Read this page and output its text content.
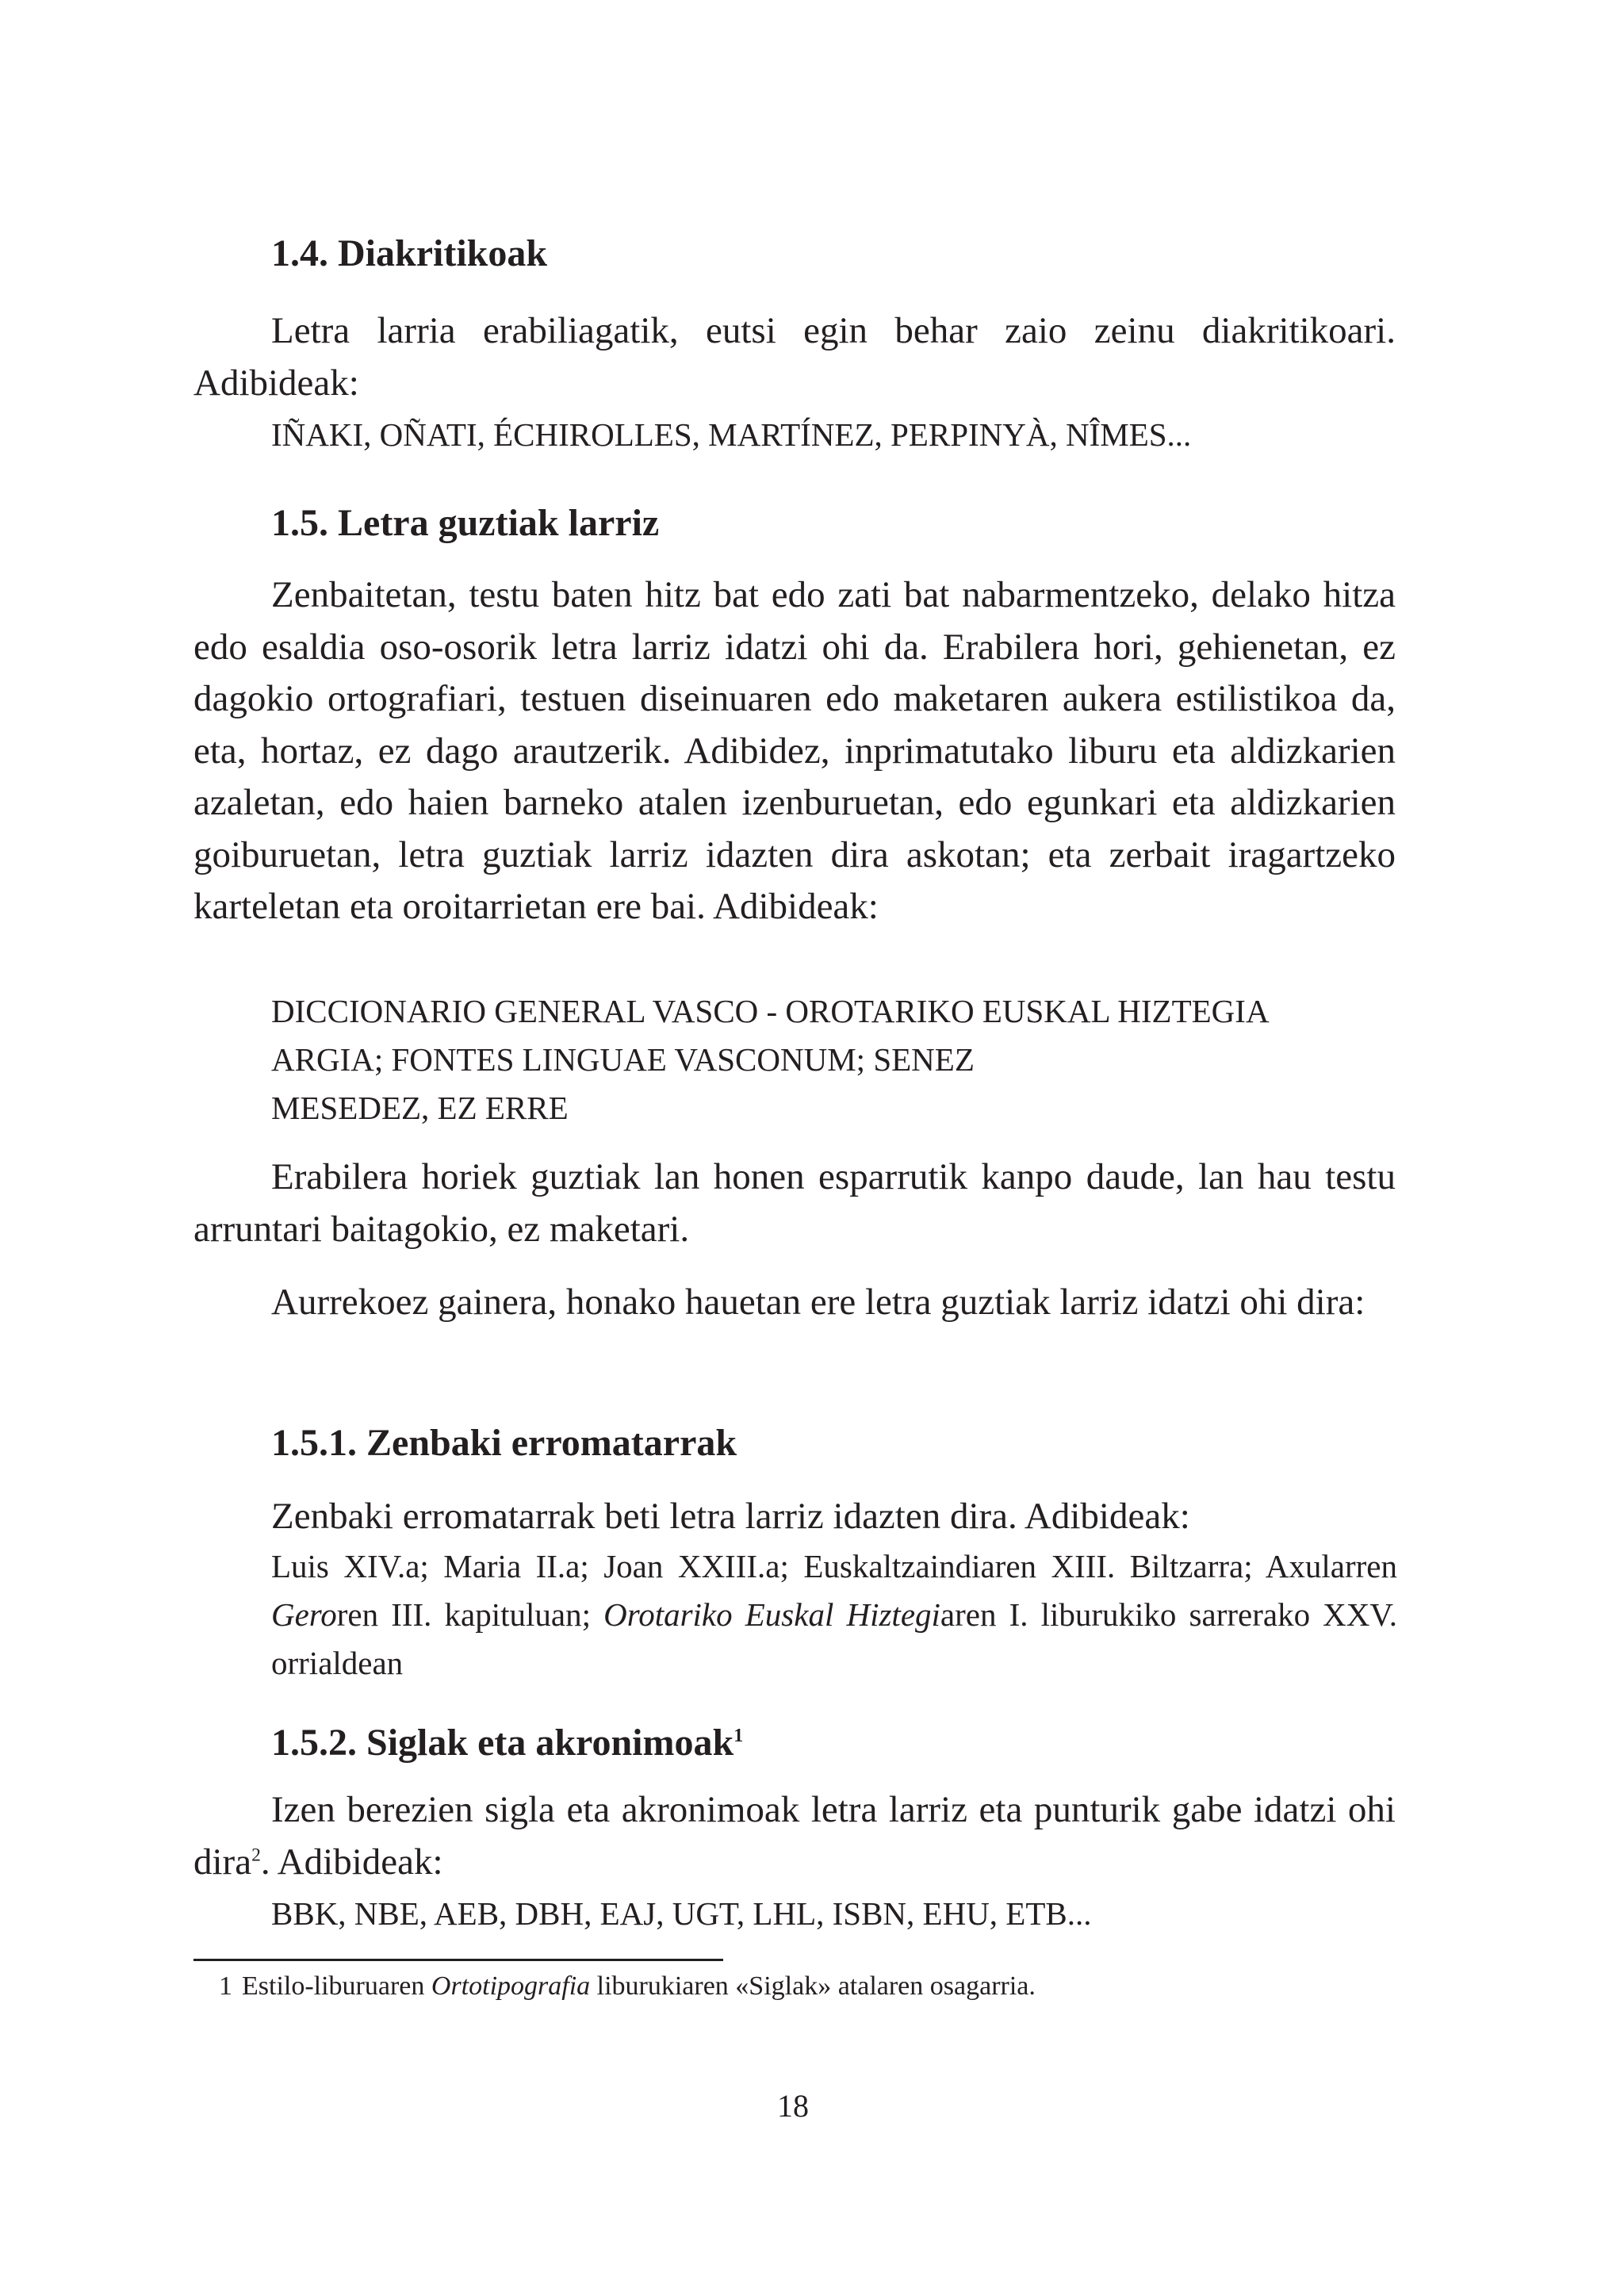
1.4. Diakritikoak

Letra larria erabiliagatik, eutsi egin behar zaio zeinu diakritikoari. Adibideak:

IÑAKI, OÑATI, ÉCHIROLLES, MARTÍNEZ, PERPINYÀ, NÎMES...

1.5. Letra guztiak larriz

Zenbaitetan, testu baten hitz bat edo zati bat nabarmentzeko, delako hitza edo esaldia oso-osorik letra larriz idatzi ohi da. Erabilera hori, gehienetan, ez dagokio ortografiari, testuen diseinuaren edo maketaren aukera estilistikoa da, eta, hortaz, ez dago arautzerik. Adibidez, inprimatutako liburu eta aldizkarien azaletan, edo haien barneko atalen izenburuetan, edo egunkari eta aldizkarien goiburuetan, letra guztiak larriz idazten dira askotan; eta zerbait iragartzeko karteletan eta oroitarrietan ere bai. Adibideak:

DICCIONARIO GENERAL VASCO - OROTARIKO EUSKAL HIZTEGIA

ARGIA; FONTES LINGUAE VASCONUM; SENEZ

MESEDEZ, EZ ERRE

Erabilera horiek guztiak lan honen esparrutik kanpo daude, lan hau testu arruntari baitagokio, ez maketari.

Aurrekoez gainera, honako hauetan ere letra guztiak larriz idatzi ohi dira:

1.5.1. Zenbaki erromatarrak

Zenbaki erromatarrak beti letra larriz idazten dira. Adibideak:

Luis XIV.a; Maria II.a; Joan XXIII.a; Euskaltzaindiaren XIII. Biltzarra; Axularren Geroren III. kapituluan; Orotariko Euskal Hiztegiaren I. liburukiko sarrerako XXV. orrialdean

1.5.2. Siglak eta akronimoak$^1$

Izen berezien sigla eta akronimoak letra larriz eta punturik gabe idatzi ohi dira$^2$. Adibideak:

BBK, NBE, AEB, DBH, EAJ, UGT, LHL, ISBN, EHU, ETB...

1 Estilo-liburuaren Ortotipografia liburukiaren «Siglak» atalaren osagarria.

18
